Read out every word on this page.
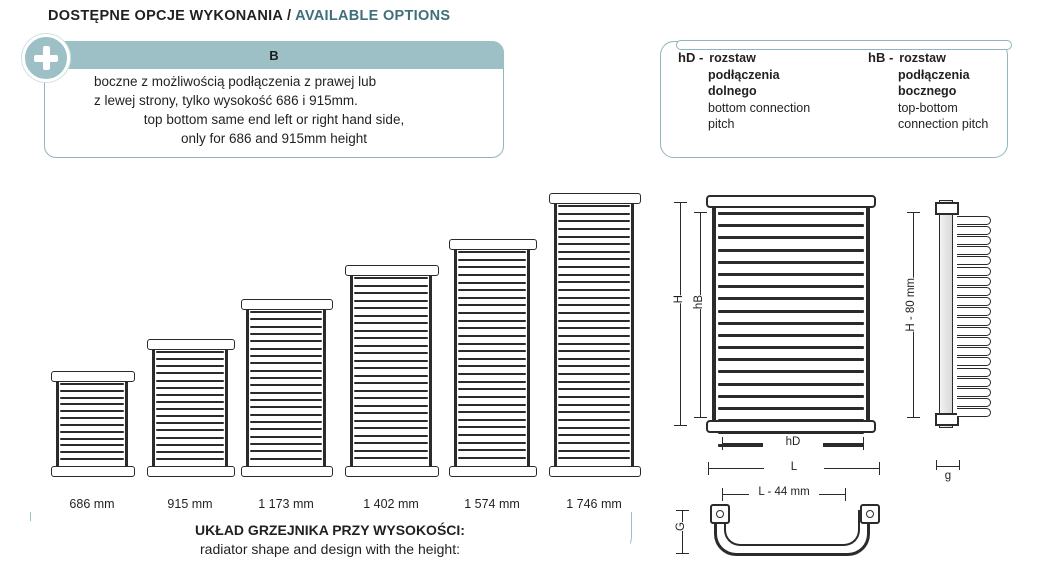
DOSTĘPNE OPCJE WYKONANIA / AVAILABLE OPTIONS
B
boczne z możliwością podłączenia z prawej lub
z lewej strony, tylko wysokość 686 i 915mm.
top bottom same end left or right hand side,
only for 686 and 915mm height
hD - rozstaw
podłączenia
dolnego
bottom connection
pitch
hB - rozstaw
podłączenia
bocznego
top-bottom
connection pitch
686 mm	915 mm	1 173 mm	1 402 mm	1 574 mm	1 746 mm
UKŁAD GRZEJNIKA PRZY WYSOKOŚCI:
radiator shape and design with the height:
H hB
hD
L
H - 80 mm
g
L - 44 mm
G
